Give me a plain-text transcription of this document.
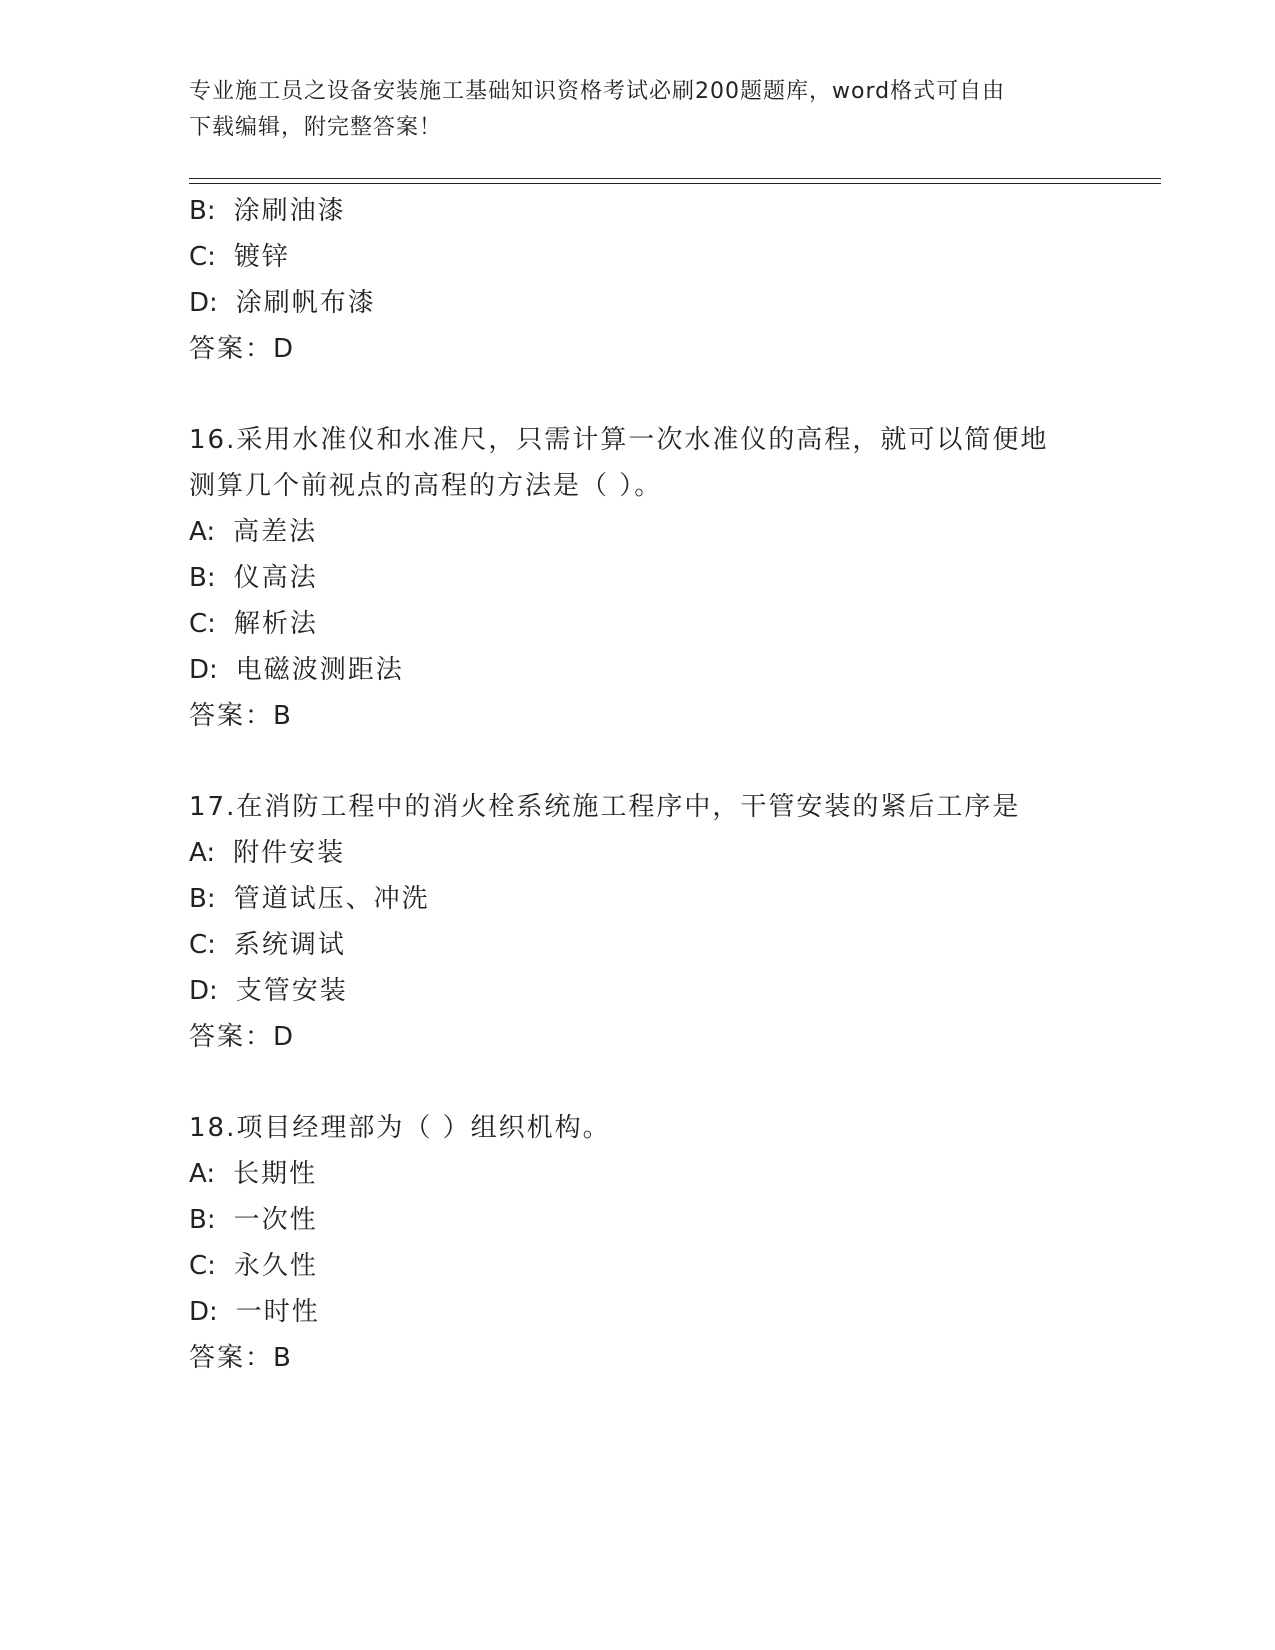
专业施工员之设备安装施工基础知识资格考试必刷200题题库，word格式可自由
下载编辑，附完整答案！
B: 涂刷油漆
C: 镀锌
D: 涂刷帆布漆
答案：D
16.采用水准仪和水准尺，只需计算一次水准仪的高程，就可以简便地
测算几个前视点的高程的方法是（ ）。
A: 高差法
B: 仪高法
C: 解析法
D: 电磁波测距法
答案：B
17.在消防工程中的消火栓系统施工程序中，干管安装的紧后工序是
A: 附件安装
B: 管道试压、冲洗
C: 系统调试
D: 支管安装
答案：D
18.项目经理部为（ ）组织机构。
A: 长期性
B: 一次性
C: 永久性
D: 一时性
答案：B
